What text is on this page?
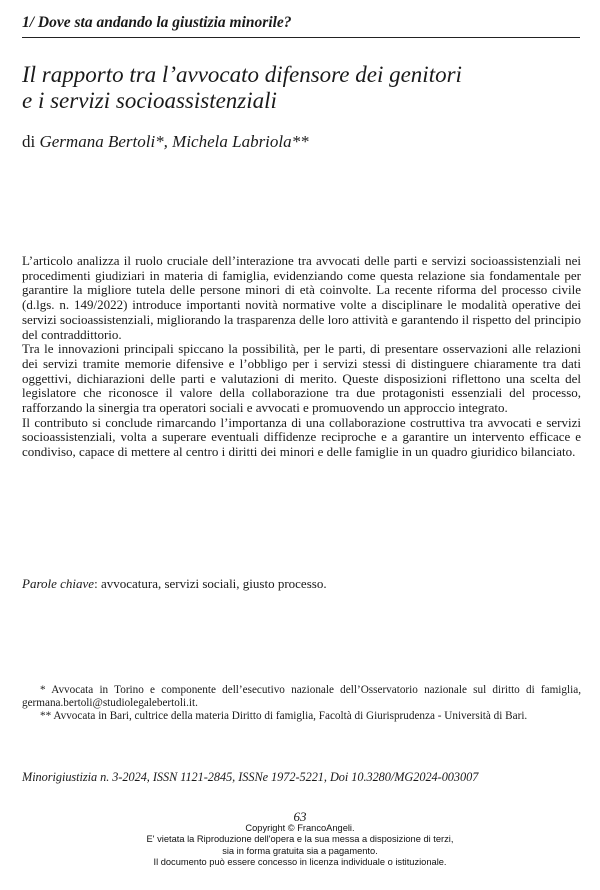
1/ Dove sta andando la giustizia minorile?
Il rapporto tra l’avvocato difensore dei genitori
e i servizi socioassistenziali
di Germana Bertoli*, Michela Labriola**

L’articolo analizza il ruolo cruciale dell’interazione tra avvocati delle parti e servizi socioassistenziali nei procedimenti giudiziari in materia di famiglia, evidenziando come questa relazione sia fondamentale per garantire la migliore tutela delle persone minori di età coinvolte. La recente riforma del processo civile (d.lgs. n. 149/2022) introduce importanti novità normative volte a disciplinare le modalità operative dei servizi socioassistenziali, migliorando la trasparenza delle loro attività e garantendo il rispetto del principio del contraddittorio.

Tra le innovazioni principali spiccano la possibilità, per le parti, di presentare osservazioni alle relazioni dei servizi tramite memorie difensive e l’obbligo per i servizi stessi di distinguere chiaramente tra dati oggettivi, dichiarazioni delle parti e valutazioni di merito. Queste disposizioni riflettono una scelta del legislatore che riconosce il valore della collaborazione tra due protagonisti essenziali del processo, rafforzando la sinergia tra operatori sociali e avvocati e promuovendo un approccio integrato.

Il contributo si conclude rimarcando l’importanza di una collaborazione costruttiva tra avvocati e servizi socioassistenziali, volta a superare eventuali diffidenze reciproche e a garantire un intervento efficace e condiviso, capace di mettere al centro i diritti dei minori e delle famiglie in un quadro giuridico bilanciato.

Parole chiave: avvocatura, servizi sociali, giusto processo.

* Avvocata in Torino e componente dell’esecutivo nazionale dell’Osservatorio nazionale sul diritto di famiglia, germana.bertoli@studiolegalebertoli.it.

** Avvocata in Bari, cultrice della materia Diritto di famiglia, Facoltà di Giurisprudenza - Università di Bari.

Minorigiustizia n. 3-2024, ISSN 1121-2845, ISSNe 1972-5221, Doi 10.3280/MG2024-003007
63
Copyright © FrancoAngeli.
E' vietata la Riproduzione dell'opera e la sua messa a disposizione di terzi,
sia in forma gratuita sia a pagamento.
Il documento può essere concesso in licenza individuale o istituzionale.
